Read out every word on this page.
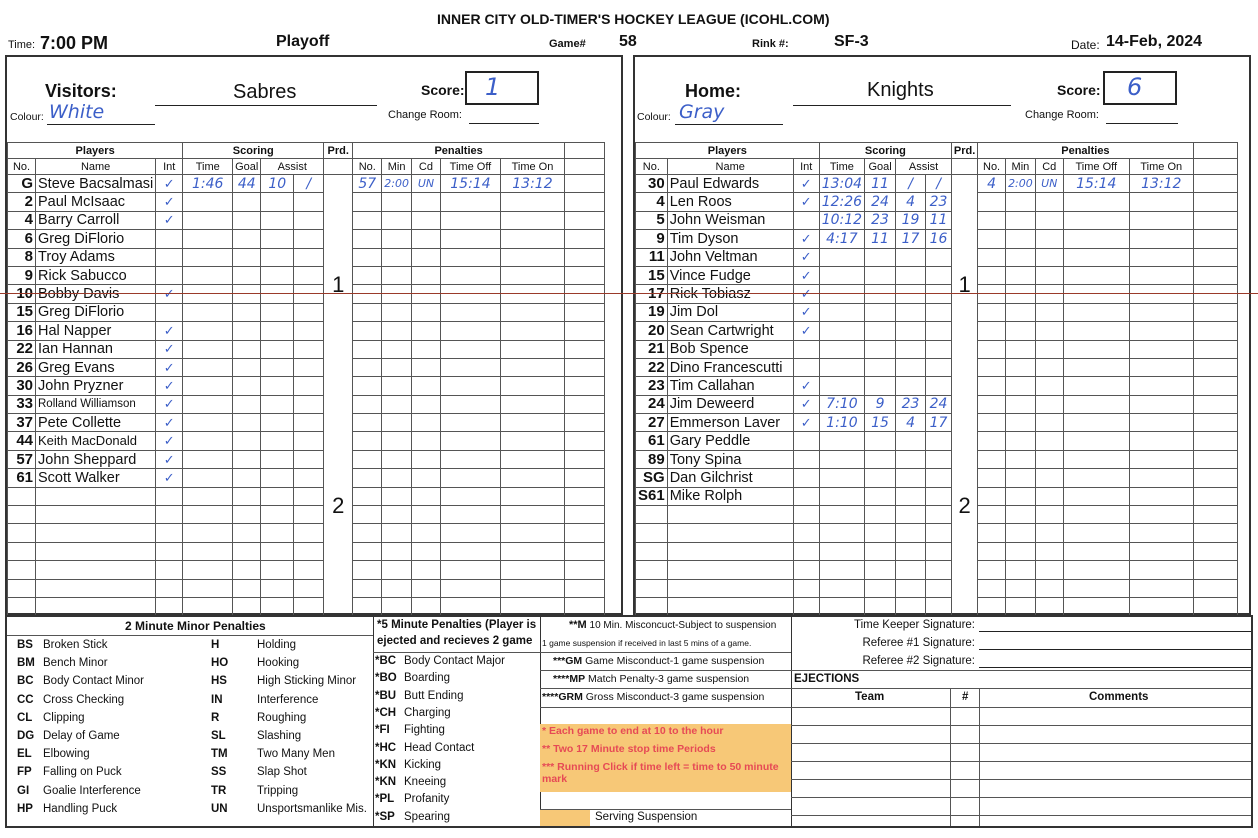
INNER CITY OLD-TIMER'S HOCKEY LEAGUE (ICOHL.COM)
Time: 7:00 PM	Playoff	Game# 58	Rink #:	SF-3	Date: 14-Feb, 2024
Visitors:	Sabres	Score: 1
Colour: White	Change Room:
Players			Scoring				Prd.	Penalties					
No.	Name	Int	Time	Goal	Assist			No.	Min	Cd	Time Off	Time On	
G	Steve Bacsalmasi	✓	1:46	44	10	/	1	57	2:00	UN	15:14	13:12	
2	Paul McIsaac	✓											
4	Barry Carroll	✓											
6	Greg DiFlorio												
8	Troy Adams												
9	Rick Sabucco												
10	Bobby Davis	✓											
15	Greg DiFlorio												
16	Hal Napper	✓											
22	Ian Hannan	✓											
26	Greg Evans	✓											
30	John Pryzner	✓											
33	Rolland Williamson	✓					2						
37	Pete Collette	✓											
44	Keith MacDonald	✓											
57	John Sheppard	✓											
61	Scott Walker	✓											

Home:	Knights	Score: 6
Colour: Gray	Change Room:
Players			Scoring				Prd.	Penalties					
No.	Name	Int	Time	Goal	Assist			No.	Min	Cd	Time Off	Time On	
30	Paul Edwards	✓	13:04	11	/	/	1	4	2:00	UN	15:14	13:12	
4	Len Roos	✓	12:26	24	4	23							
5	John Weisman		10:12	23	19	11							
9	Tim Dyson	✓	4:17	11	17	16							
11	John Veltman	✓											
15	Vince Fudge	✓											
17	Rick Tobiasz	✓											
19	Jim Dol	✓											
20	Sean Cartwright	✓											
21	Bob Spence												
22	Dino Francescutti												
23	Tim Callahan	✓											
24	Jim Deweerd	✓	7:10	9	23	24	2						
27	Emmerson Laver	✓	1:10	15	4	17							
61	Gary Peddle												
89	Tony Spina												
SG	Dan Gilchrist												
S61	Mike Rolph												

2 Minute Minor Penalties
BS Broken Stick
BM Bench Minor
BC Body Contact Minor
CC Cross Checking
CL Clipping
DG Delay of Game
EL Elbowing
FP Falling on Puck
GI Goalie Interference
HP Handling Puck
H	Holding
HO	Hooking
HS	High Sticking Minor
IN	Interference
R	Roughing
SL	Slashing
TM	Two Many Men
SS	Slap Shot
TR	Tripping
UN	Unsportsmanlike Mis.
*5 Minute Penalties (Player is
ejected and recieves 2 game
*BC Body Contact Major
*BO Boarding
*BU Butt Ending
*CH Charging
*FI Fighting
*HC Head Contact
*KN Kicking
*KN Kneeing
*PL Profanity
*SP Spearing
**M 10 Min. Misconcuct-Subject to suspension
1 game suspension if received in last 5 mins of a game.
***GM Game Misconduct-1 game suspension
****MP Match Penalty-3 game suspension
****GRM Gross Misconduct-3 game suspension
* Each game to end at 10 to the hour
** Two 17 Minute stop time Periods
*** Running Click if time left = time to 50 minute mark
Serving Suspension
Time Keeper Signature:
Referee #1 Signature:
Referee #2 Signature:
EJECTIONS
Team	#	Comments
